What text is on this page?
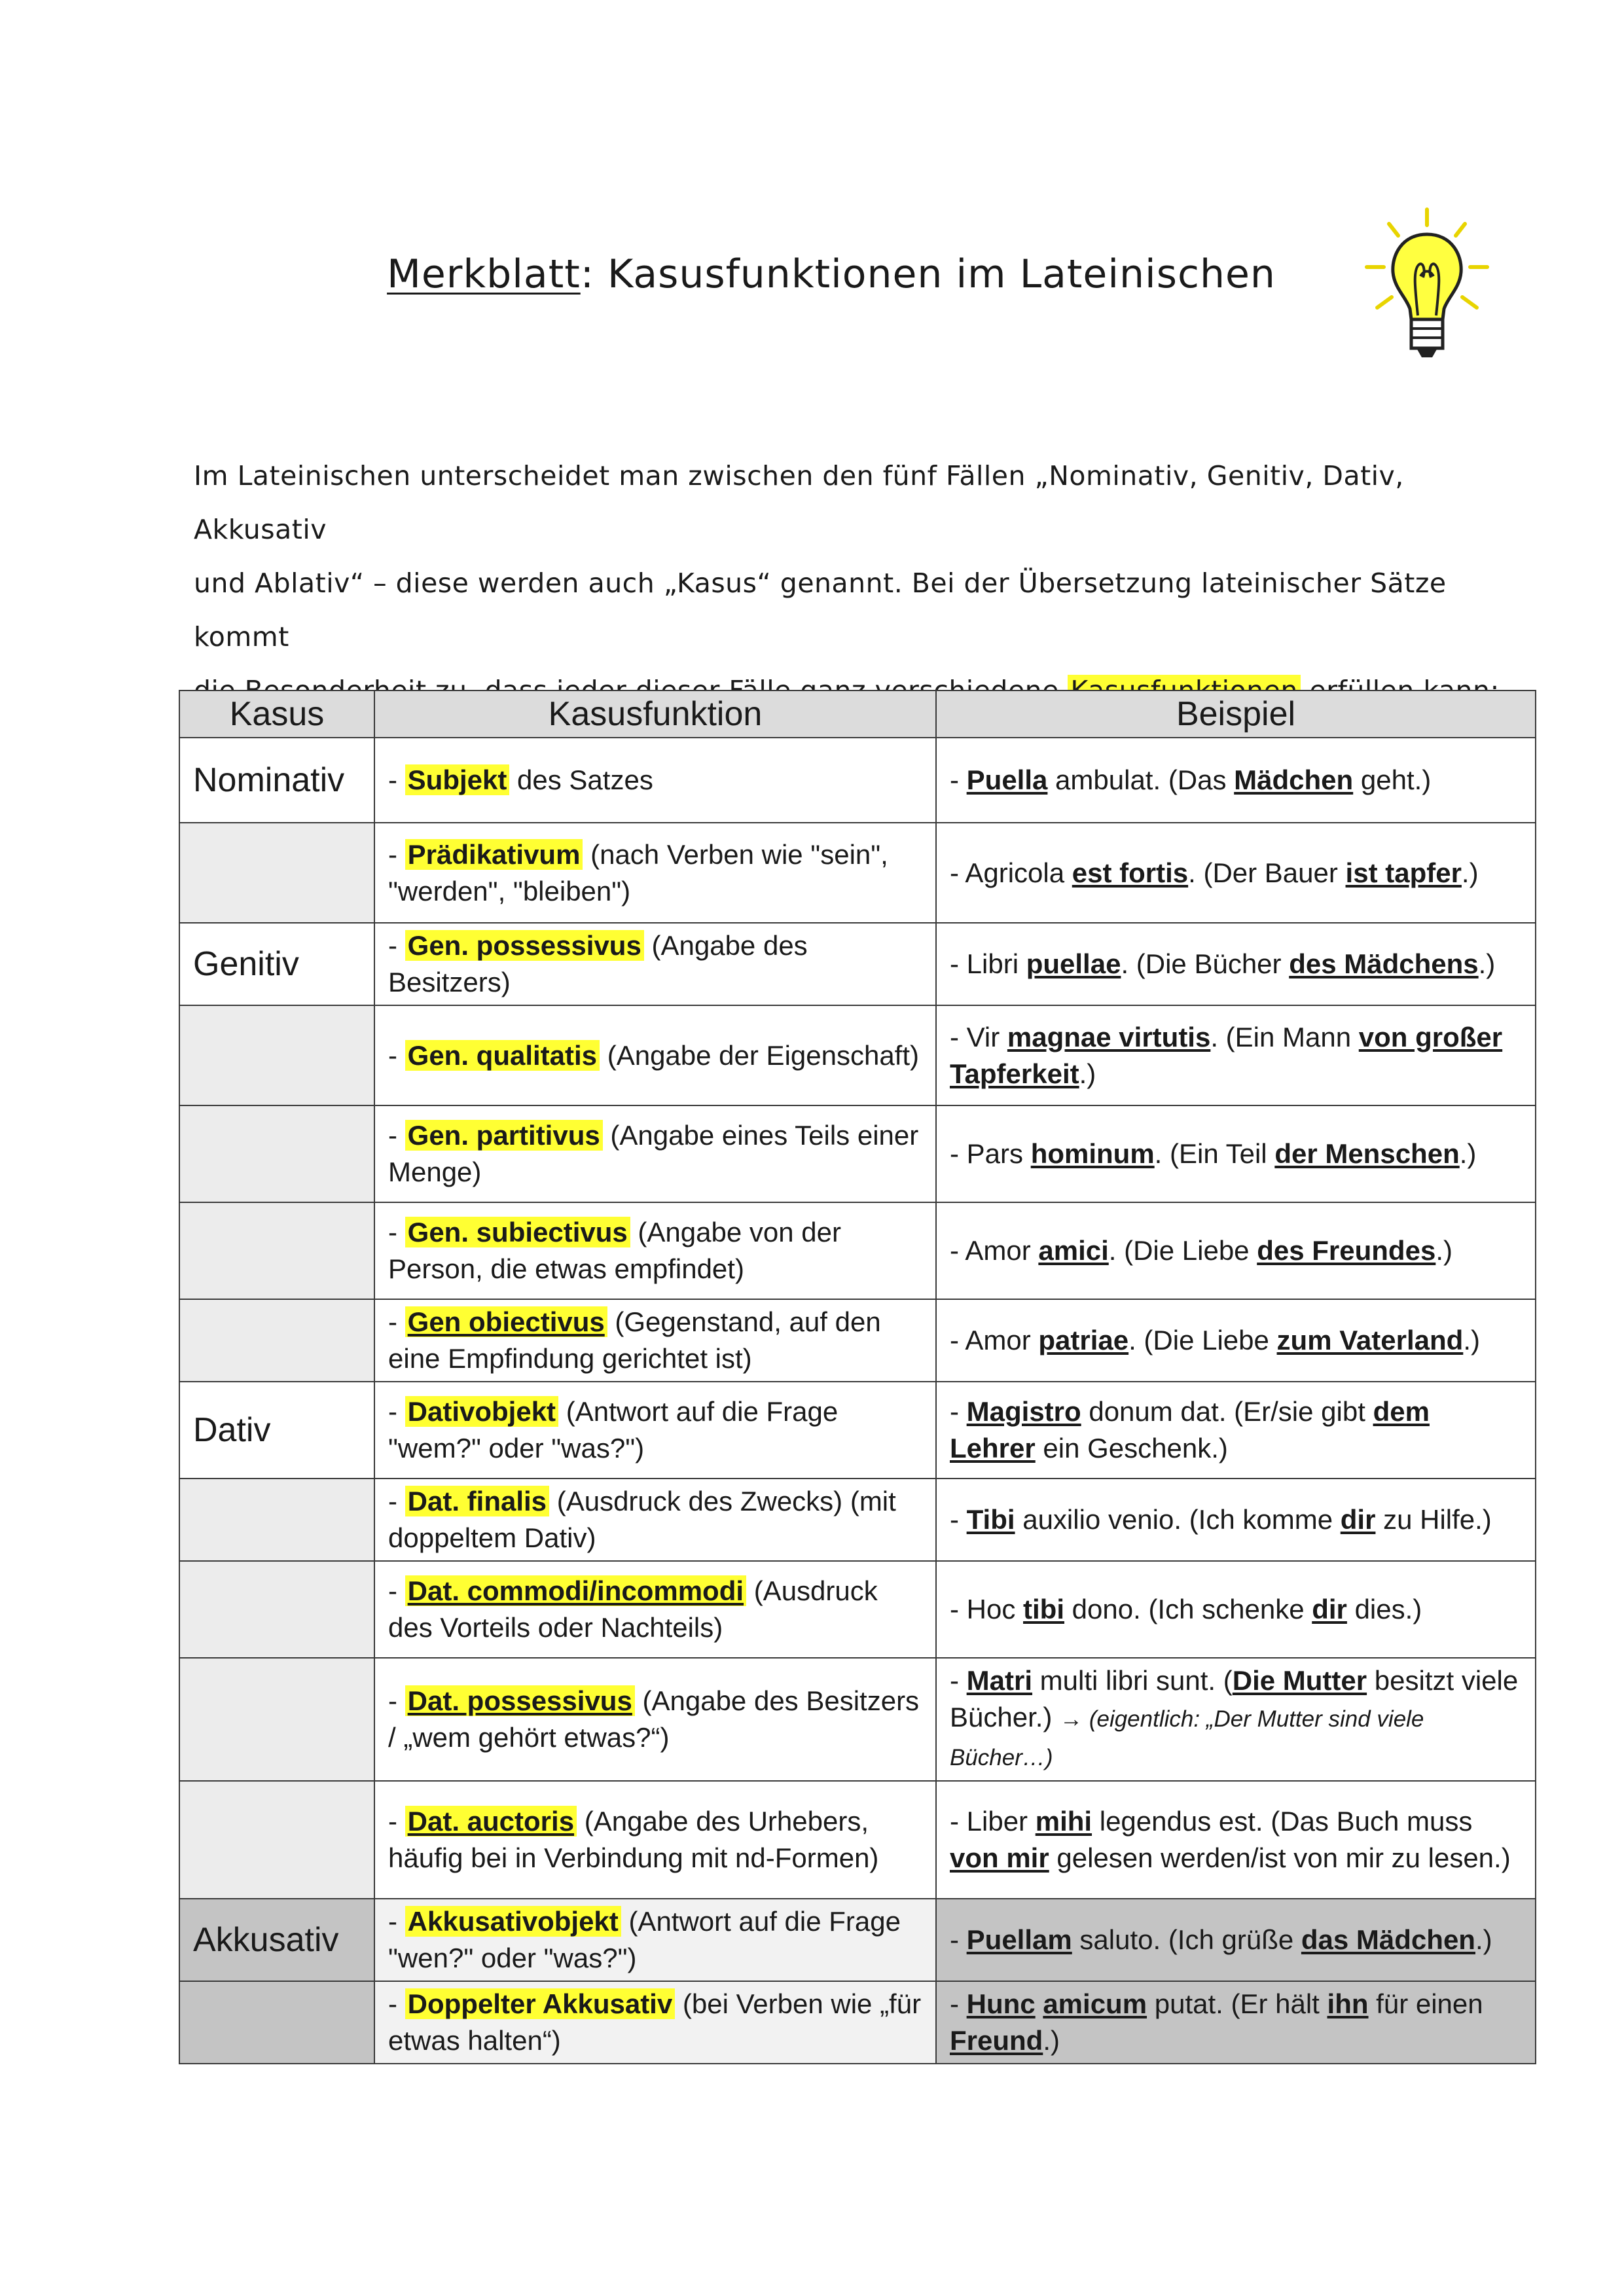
Merkblatt: Kasusfunktionen im Lateinischen
Im Lateinischen unterscheidet man zwischen den fünf Fällen „Nominativ, Genitiv, Dativ, Akkusativ
und Ablativ“ – diese werden auch „Kasus“ genannt. Bei der Übersetzung lateinischer Sätze kommt
Kasus	Kasusfunktion	Beispiel
Nominativ	- Subjekt des Satzes	- Puella ambulat. (Das Mädchen geht.)
	- Prädikativum (nach Verben wie "sein", "werden", "bleiben")	- Agricola est fortis. (Der Bauer ist tapfer.)
Genitiv	- Gen. possessivus (Angabe des Besitzers)	- Libri puellae. (Die Bücher des Mädchens.)
	- Gen. qualitatis (Angabe der Eigenschaft)	- Vir magnae virtutis. (Ein Mann von großer Tapferkeit.)
	- Gen. partitivus (Angabe eines Teils einer Menge)	- Pars hominum. (Ein Teil der Menschen.)
	- Gen. subiectivus (Angabe von der Person, die etwas empfindet)	- Amor amici. (Die Liebe des Freundes.)
	- Gen obiectivus (Gegenstand, auf den eine Empfindung gerichtet ist)	- Amor patriae. (Die Liebe zum Vaterland.)
Dativ	- Dativobjekt (Antwort auf die Frage "wem?" oder "was?")	- Magistro donum dat. (Er/sie gibt dem Lehrer ein Geschenk.)
	- Dat. finalis (Ausdruck des Zwecks) (mit doppeltem Dativ)	- Tibi auxilio venio. (Ich komme dir zu Hilfe.)
	- Dat. commodi/incommodi (Ausdruck des Vorteils oder Nachteils)	- Hoc tibi dono. (Ich schenke dir dies.)
	- Dat. possessivus (Angabe des Besitzers / „wem gehört etwas?“)	- Matri multi libri sunt. (Die Mutter besitzt viele Bücher.) → (eigentlich: „Der Mutter sind viele Bücher…)
	- Dat. auctoris (Angabe des Urhebers, häufig bei in Verbindung mit nd-Formen)	- Liber mihi legendus est. (Das Buch muss von mir gelesen werden/ist von mir zu lesen.)
Akkusativ	- Akkusativobjekt (Antwort auf die Frage "wen?" oder "was?")	- Puellam saluto. (Ich grüße das Mädchen.)
	- Doppelter Akkusativ (bei Verben wie „für etwas halten“)	- Hunc amicum putat. (Er hält ihn für einen Freund.)
